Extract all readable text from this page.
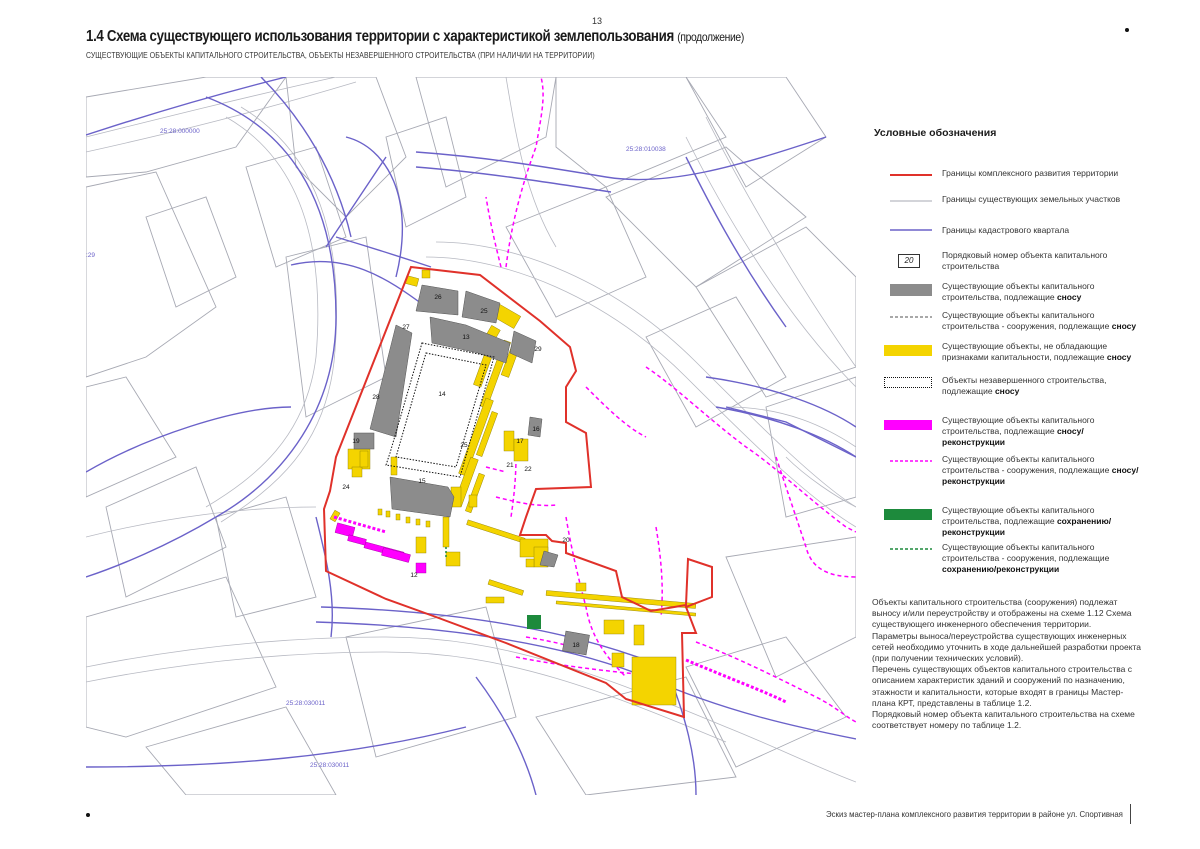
13
1.4 Схема существующего использования территории с характеристикой землепользования (продолжение)
СУЩЕСТВУЮЩИЕ ОБЪЕКТЫ КАПИТАЛЬНОГО СТРОИТЕЛЬСТВА, ОБЪЕКТЫ НЕЗАВЕРШЕННОГО СТРОИТЕЛЬСТВА (ПРИ НАЛИЧИИ НА ТЕРРИТОРИИ)
26
25
27
13
29
14
28
19
15
16
24
20
12
18
25
17
21
22
25:28:000000
25:28:010038
25:28:030011
25:28:030011
:29
Условные обозначения
Границы комплексного развития территории
Границы существующих земельных участков
Границы кадастрового квартала
20
Порядковый номер объекта капитального строительства
Существующие объекты капитального строительства, подлежащие сносу
Существующие объекты капитального строительства - сооружения, подлежащие сносу
Существующие объекты, не обладающие признаками капитальности, подлежащие сносу
Объекты незавершенного строительства, подлежащие сносу
Существующие объекты капитального строительства, подлежащие сносу/ реконструкции
Существующие объекты капитального строительства - сооружения, подлежащие сносу/реконструкции
Существующие объекты капитального строительства, подлежащие сохранению/ реконструкции
Существующие объекты капитального строительства - сооружения, подлежащие сохранению/реконструкции
Объекты капитального строительства (сооружения) подлежат выносу и/или переустройству и отображены на схеме 1.12 Схема существующего инженерного обеспечения территории.
Параметры выноса/переустройства существующих инженерных сетей необходимо уточнить в ходе дальнейшей разработки проекта (при получении технических условий).
Перечень существующих объектов капитального строительства с описанием характеристик зданий и сооружений по назначению, этажности и капитальности, которые входят в границы Мастер-плана КРТ, представлены в таблице 1.2.
Порядковый номер объекта капитального строительства на схеме соответствует номеру по таблице 1.2.
Эскиз мастер-плана комплексного развития территории в районе ул. Спортивная
